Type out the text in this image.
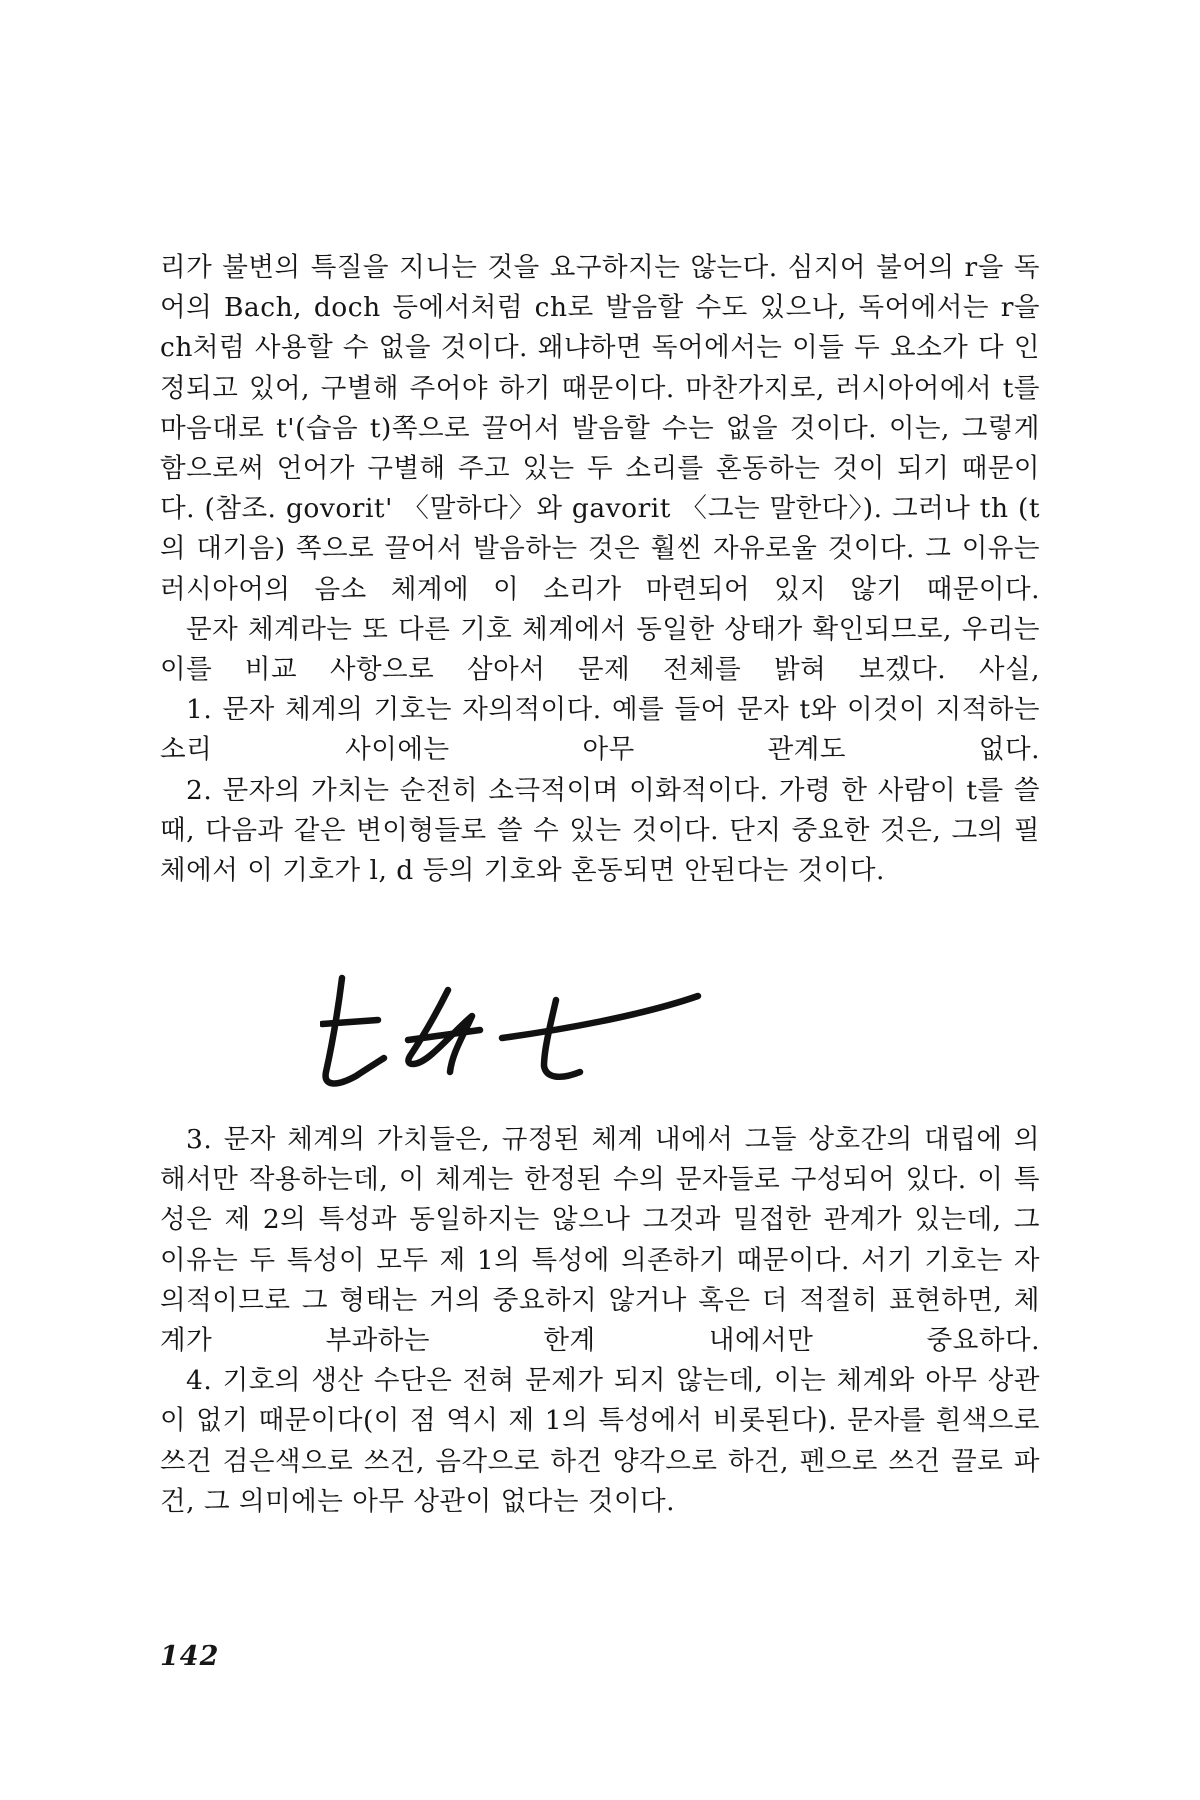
리가 불변의 특질을 지니는 것을 요구하지는 않는다. 심지어 불어의 r을 독어의 Bach, doch 등에서처럼 ch로 발음할 수도 있으나, 독어에서는 r을 ch처럼 사용할 수 없을 것이다. 왜냐하면 독어에서는 이들 두 요소가 다 인정되고 있어, 구별해 주어야 하기 때문이다. 마찬가지로, 러시아어에서 t를 마음대로 t'(습음 t)쪽으로 끌어서 발음할 수는 없을 것이다. 이는, 그렇게 함으로써 언어가 구별해 주고 있는 두 소리를 혼동하는 것이 되기 때문이다. (참조. govorit' 〈말하다〉와 gavorit 〈그는 말한다〉). 그러나 th (t의 대기음) 쪽으로 끌어서 발음하는 것은 훨씬 자유로울 것이다. 그 이유는 러시아어의 음소 체계에 이 소리가 마련되어 있지 않기 때문이다.

문자 체계라는 또 다른 기호 체계에서 동일한 상태가 확인되므로, 우리는 이를 비교 사항으로 삼아서 문제 전체를 밝혀 보겠다. 사실,

1. 문자 체계의 기호는 자의적이다. 예를 들어 문자 t와 이것이 지적하는 소리 사이에는 아무 관계도 없다.

2. 문자의 가치는 순전히 소극적이며 이화적이다. 가령 한 사람이 t를 쓸 때, 다음과 같은 변이형들로 쓸 수 있는 것이다. 단지 중요한 것은, 그의 필체에서 이 기호가 l, d 등의 기호와 혼동되면 안된다는 것이다.

3. 문자 체계의 가치들은, 규정된 체계 내에서 그들 상호간의 대립에 의해서만 작용하는데, 이 체계는 한정된 수의 문자들로 구성되어 있다. 이 특성은 제 2의 특성과 동일하지는 않으나 그것과 밀접한 관계가 있는데, 그 이유는 두 특성이 모두 제 1의 특성에 의존하기 때문이다. 서기 기호는 자의적이므로 그 형태는 거의 중요하지 않거나 혹은 더 적절히 표현하면, 체계가 부과하는 한계 내에서만 중요하다.

4. 기호의 생산 수단은 전혀 문제가 되지 않는데, 이는 체계와 아무 상관이 없기 때문이다(이 점 역시 제 1의 특성에서 비롯된다). 문자를 흰색으로 쓰건 검은색으로 쓰건, 음각으로 하건 양각으로 하건, 펜으로 쓰건 끌로 파건, 그 의미에는 아무 상관이 없다는 것이다.

142
